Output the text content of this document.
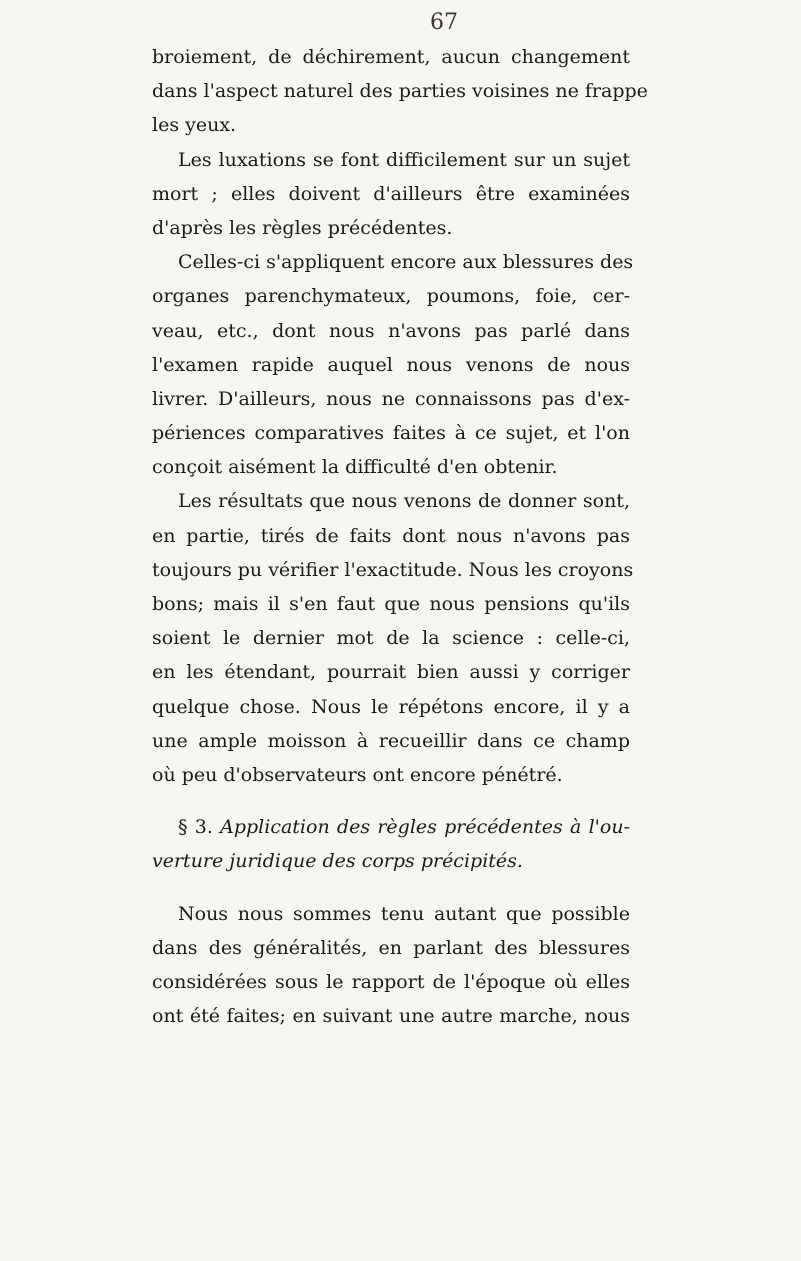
67
broiement, de déchirement, aucun changement
dans l'aspect naturel des parties voisines ne frappe
les yeux.
Les luxations se font difficilement sur un sujet
mort ; elles doivent d'ailleurs être examinées
d'après les règles précédentes.
Celles-ci s'appliquent encore aux blessures des
organes parenchymateux, poumons, foie, cer-
veau, etc., dont nous n'avons pas parlé dans
l'examen rapide auquel nous venons de nous
livrer. D'ailleurs, nous ne connaissons pas d'ex-
périences comparatives faites à ce sujet, et l'on
conçoit aisément la difficulté d'en obtenir.
Les résultats que nous venons de donner sont,
en partie, tirés de faits dont nous n'avons pas
toujours pu vérifier l'exactitude. Nous les croyons
bons; mais il s'en faut que nous pensions qu'ils
soient le dernier mot de la science : celle-ci,
en les étendant, pourrait bien aussi y corriger
quelque chose. Nous le répétons encore, il y a
une ample moisson à recueillir dans ce champ
où peu d'observateurs ont encore pénétré.
§ 3. Application des règles précédentes à l'ou-
verture juridique des corps précipités.
Nous nous sommes tenu autant que possible
dans des généralités, en parlant des blessures
considérées sous le rapport de l'époque où elles
ont été faites; en suivant une autre marche, nous
